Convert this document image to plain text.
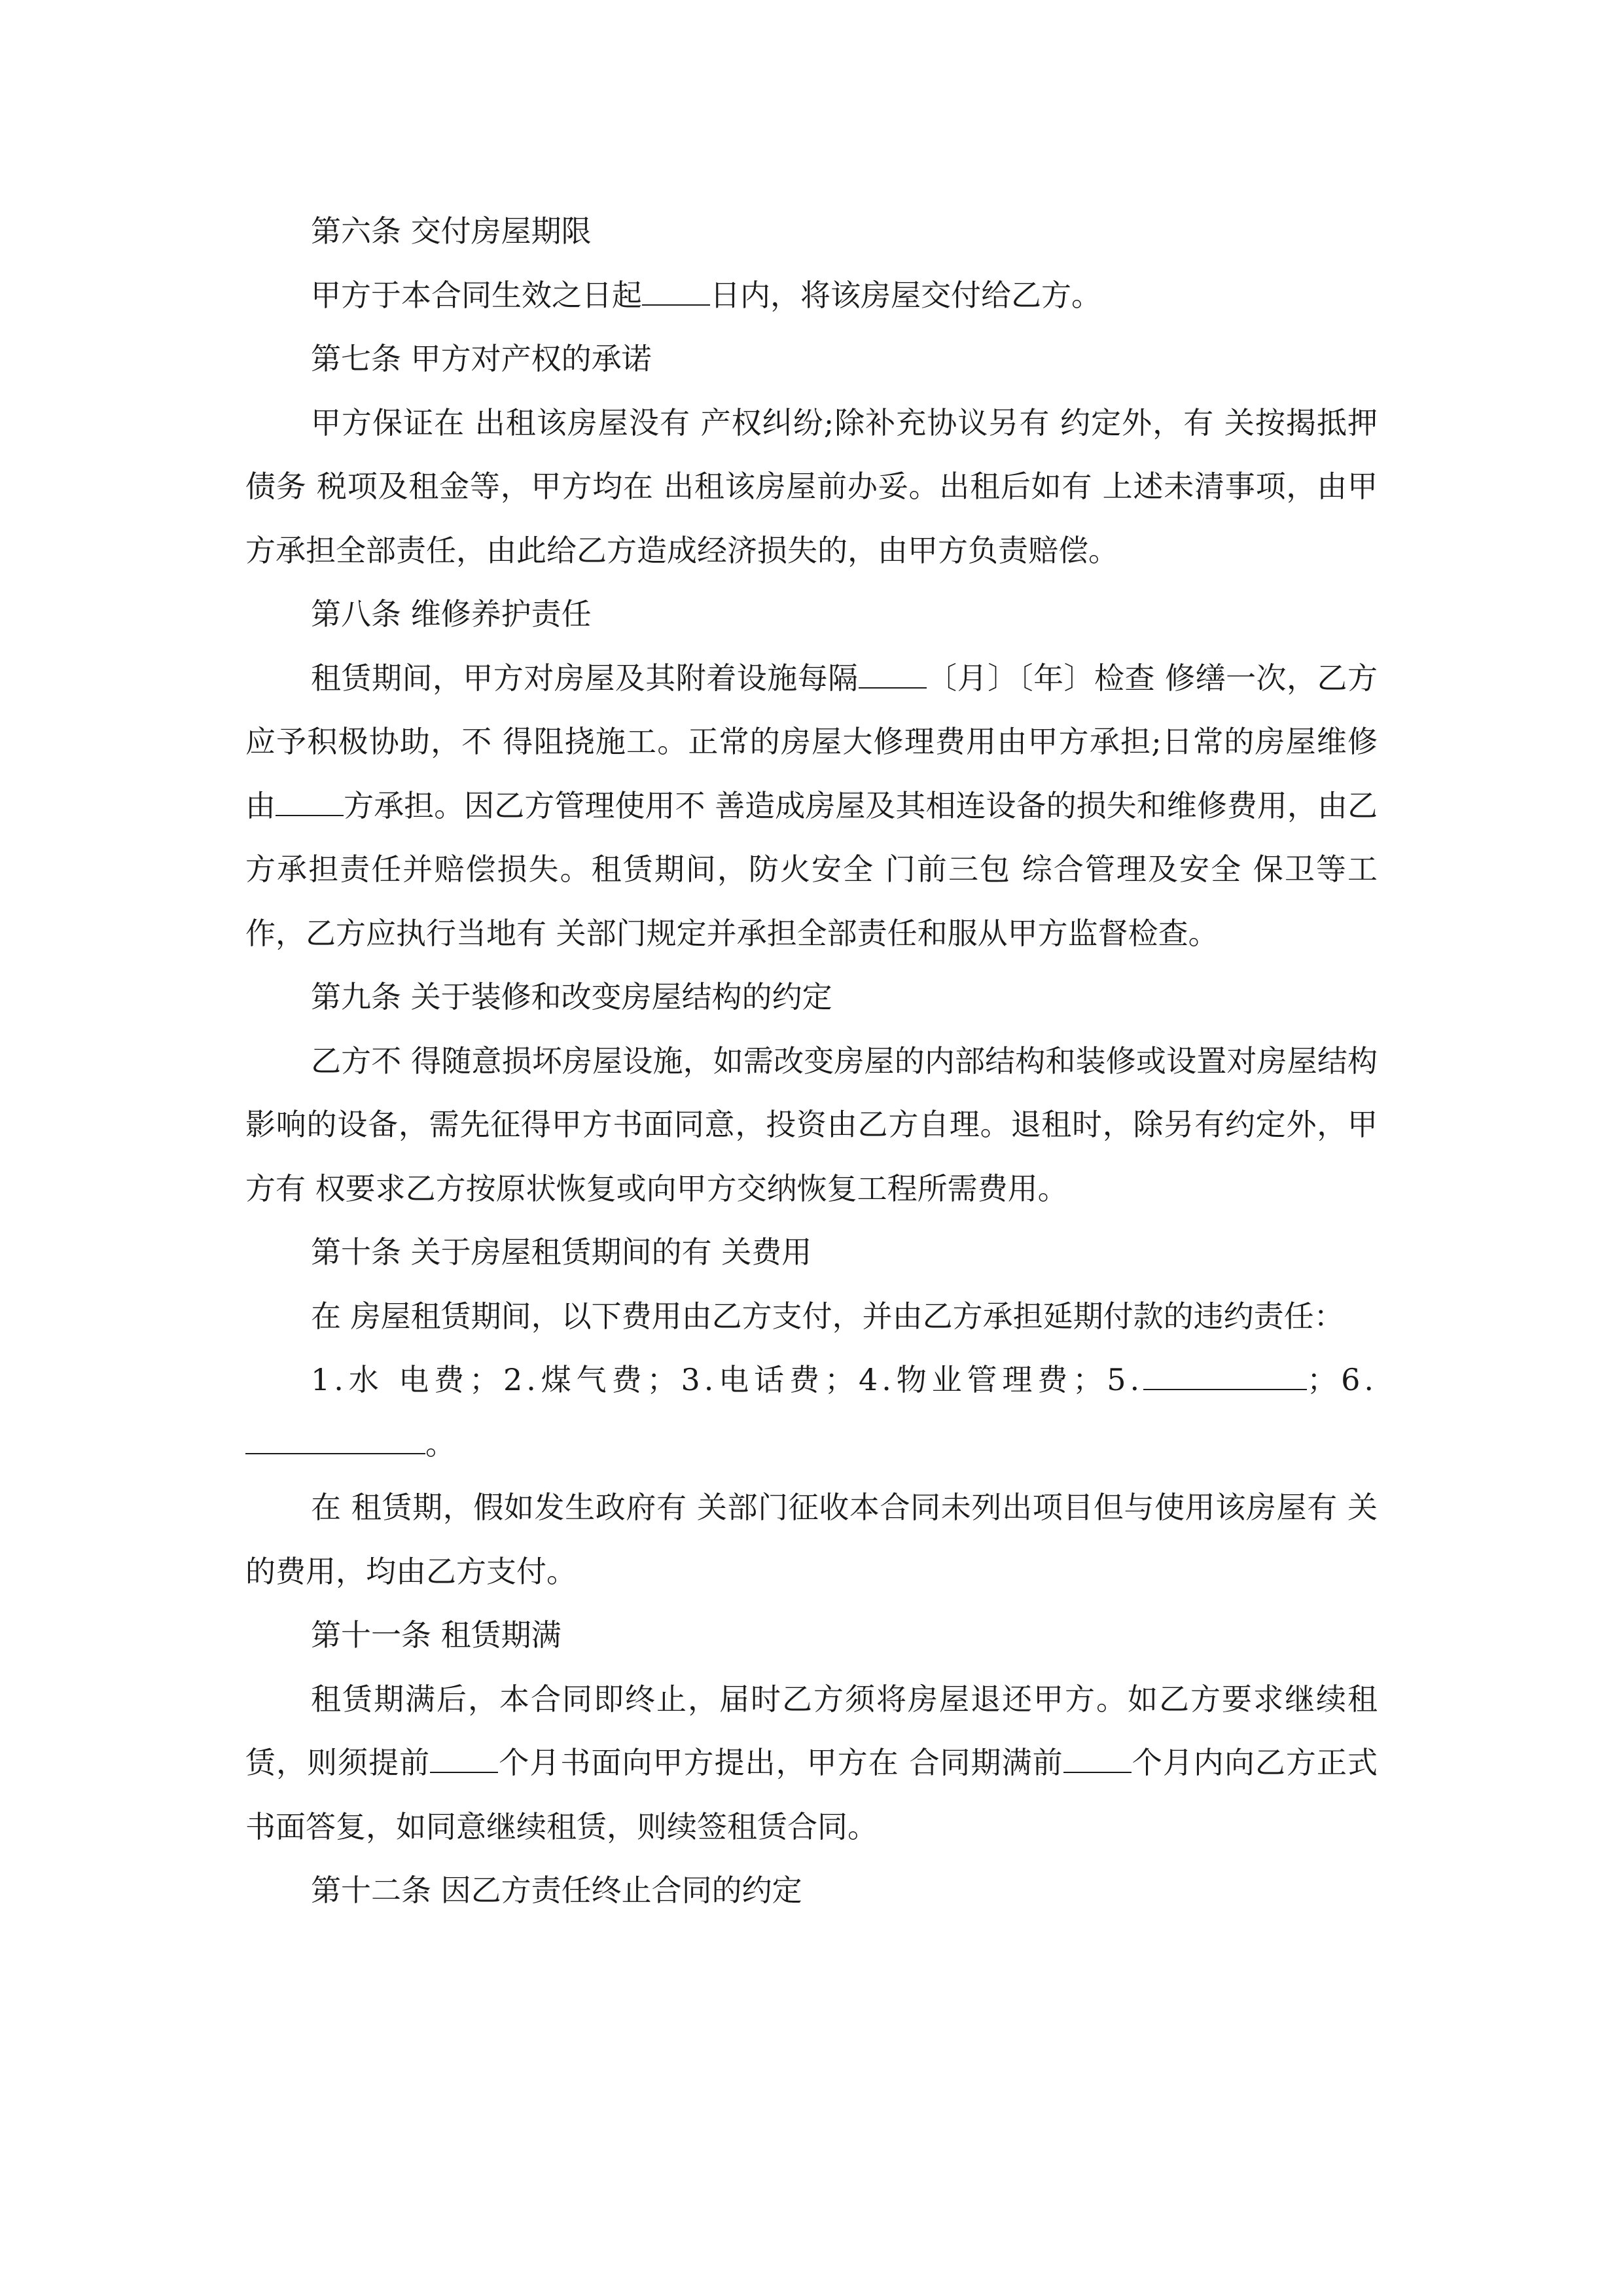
第六条 交付房屋期限

甲方于本合同生效之日起 日内，将该房屋交付给乙方。

第七条 甲方对产权的承诺

甲方保证在 出租该房屋没有 产权纠纷;除补充协议另有 约定外，有 关按揭抵押债务 税项及租金等，甲方均在 出租该房屋前办妥。出租后如有 上述未清事项，由甲方承担全部责任，由此给乙方造成经济损失的，由甲方负责赔偿。

第八条 维修养护责任

租赁期间，甲方对房屋及其附着设施每隔 〔月〕〔年〕检查 修缮一次，乙方应予积极协助，不 得阻挠施工。正常的房屋大修理费用由甲方承担;日常的房屋维修由 方承担。因乙方管理使用不 善造成房屋及其相连设备的损失和维修费用，由乙方承担责任并赔偿损失。租赁期间，防火安全 门前三包 综合管理及安全 保卫等工作，乙方应执行当地有 关部门规定并承担全部责任和服从甲方监督检查。

第九条 关于装修和改变房屋结构的约定

乙方不 得随意损坏房屋设施，如需改变房屋的内部结构和装修或设置对房屋结构影响的设备，需先征得甲方书面同意，投资由乙方自理。退租时，除另有约定外，甲方有 权要求乙方按原状恢复或向甲方交纳恢复工程所需费用。

第十条 关于房屋租赁期间的有 关费用

在 房屋租赁期间，以下费用由乙方支付，并由乙方承担延期付款的违约责任：

1.水 电费；2.煤气费；3.电话费；4.物业管理费；5.	；6.。

在 租赁期，假如发生政府有 关部门征收本合同未列出项目但与使用该房屋有 关的费用，均由乙方支付。

第十一条 租赁期满

租赁期满后，本合同即终止，届时乙方须将房屋退还甲方。如乙方要求继续租赁，则须提前 个月书面向甲方提出，甲方在 合同期满前 个月内向乙方正式书面答复，如同意继续租赁，则续签租赁合同。

第十二条 因乙方责任终止合同的约定
